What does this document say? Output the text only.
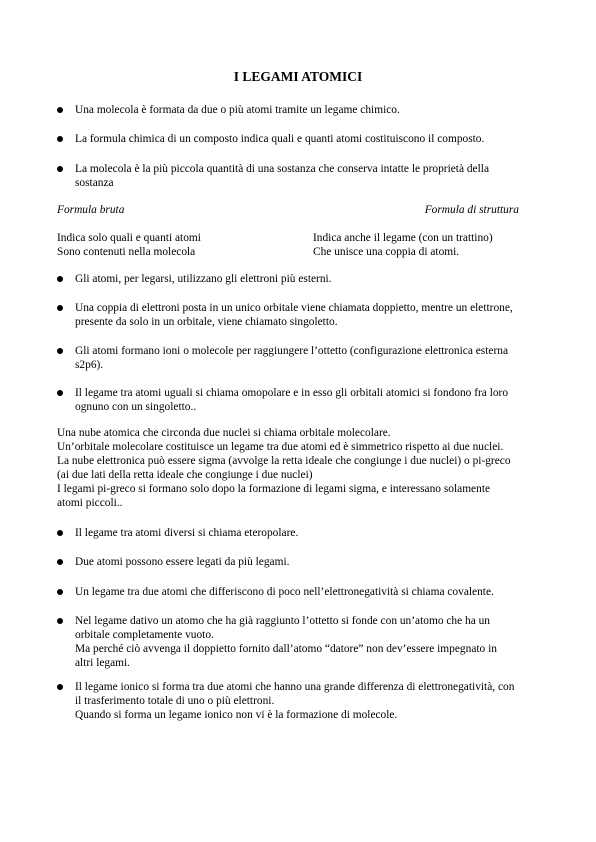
I LEGAMI ATOMICI
Una molecola è formata da due o più atomi tramite un legame chimico.
La formula chimica di un composto indica quali e quanti atomi costituiscono il composto.
La molecola è la più piccola quantità di una sostanza che conserva intatte le proprietà della
sostanza
Formula bruta	Formula di struttura
Indica solo quali e quanti atomi
Sono contenuti nella molecola
Indica anche il legame (con un trattino)
Che unisce una coppia di atomi.
Gli atomi, per legarsi, utilizzano gli elettroni più esterni.
Una coppia di elettroni posta in un unico orbitale viene chiamata doppietto, mentre un elettrone,
presente da solo in un orbitale, viene chiamato singoletto.
Gli atomi formano ioni o molecole per raggiungere l’ottetto (configurazione elettronica esterna
s2p6).
Il legame tra atomi uguali si chiama omopolare e in esso gli orbitali atomici si fondono fra loro
ognuno con un singoletto..
Una nube atomica che circonda due nuclei si chiama orbitale molecolare.
Un’orbitale molecolare costituisce un legame tra due atomi ed è simmetrico rispetto ai due nuclei.
La nube elettronica può essere sigma (avvolge la retta ideale che congiunge i due nuclei) o pi-greco
(ai due lati della retta ideale che congiunge i due nuclei)
I legami pi-greco si formano solo dopo la formazione di legami sigma, e interessano solamente
atomi piccoli..
Il legame tra atomi diversi si chiama eteropolare.
Due atomi possono essere legati da più legami.
Un legame tra due atomi che differiscono di poco nell’elettronegatività si chiama covalente.
Nel legame dativo un atomo che ha già raggiunto l’ottetto si fonde con un’atomo che ha un
orbitale completamente vuoto.
Ma perché ciò avvenga il doppietto fornito dall’atomo “datore” non dev’essere impegnato in
altri legami.
Il legame ionico si forma tra due atomi che hanno una grande differenza di elettronegatività, con
il trasferimento totale di uno o più elettroni.
Quando si forma un legame ionico non vi è la formazione di molecole.
